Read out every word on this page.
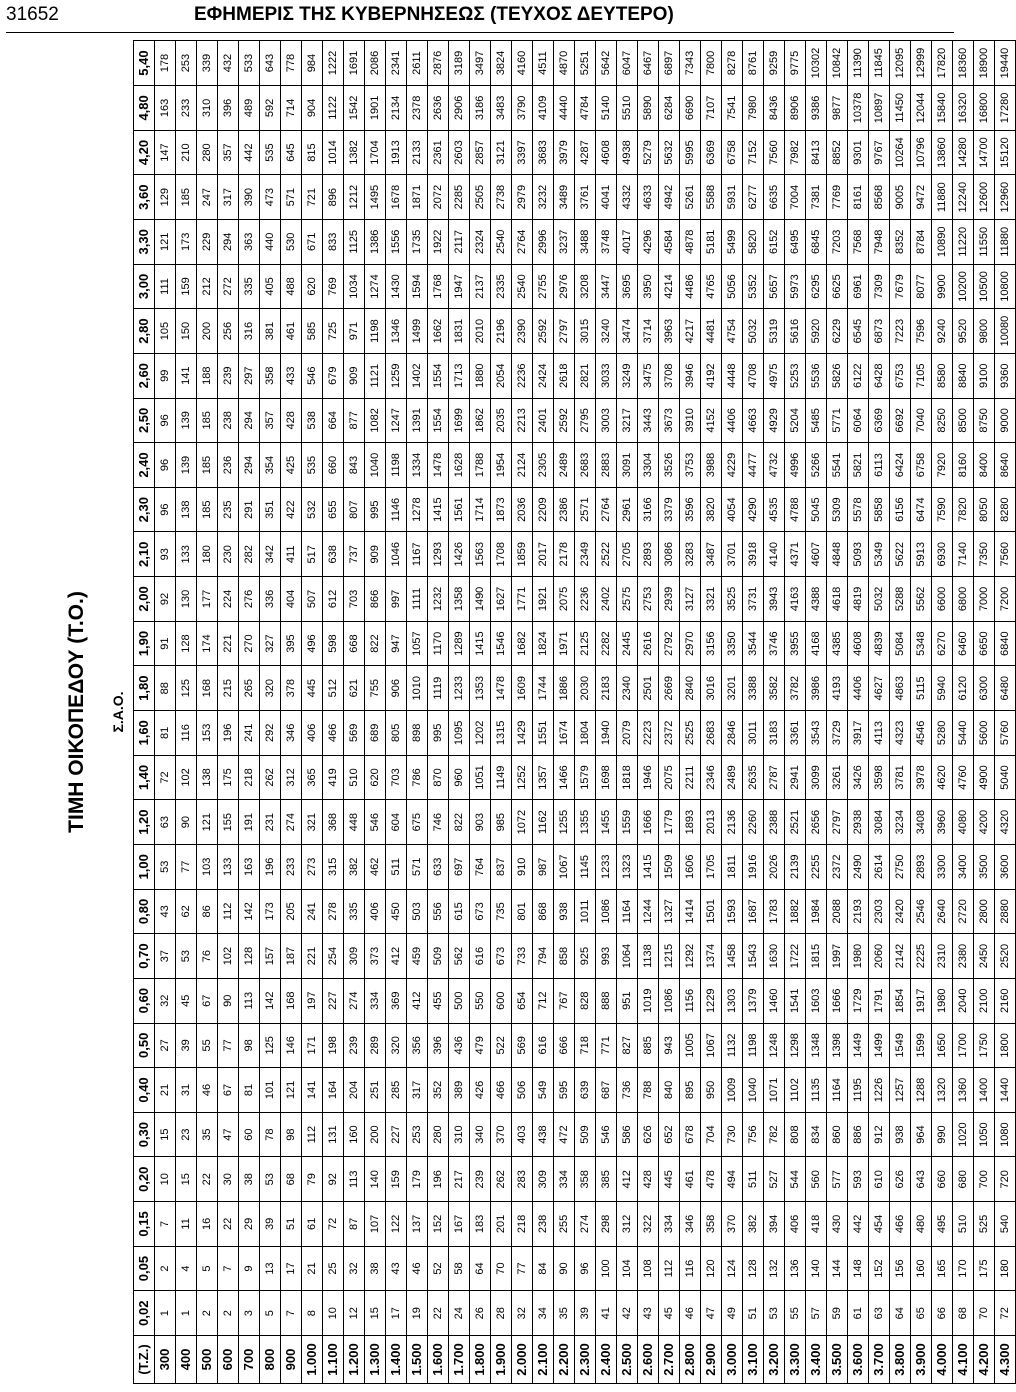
31652	ΕΦΗΜΕΡΙΣ ΤΗΣ ΚΥΒΕΡΝΗΣΕΩΣ (ΤΕΥΧΟΣ ΔΕΥΤΕΡΟ)
ΤΙΜΗ ΟΙΚΟΠΕΔΟΥ (Τ.Ο.)	Σ.Α.Ο.
(Τ.Ζ.)	0,02	0,05	0,15	0,20	0,30	0,40	0,50	0,60	0,70	0,80	1,00	1,20	1,40	1,60	1,80	1,90	2,00	2,10	2,30	2,40	2,50	2,60	2,80	3,00	3,30	3,60	4,20	4,80	5,40
300	1	2	7	10	15	21	27	32	37	43	53	63	72	81	88	91	92	93	96	96	96	99	105	111	121	129	147	163	178
400	1	4	11	15	23	31	39	45	53	62	77	90	102	116	125	128	130	133	138	139	139	141	150	159	173	185	210	233	253
500	2	5	16	22	35	46	55	67	76	86	103	121	138	153	168	174	177	180	185	185	185	188	200	212	229	247	280	310	339
600	2	7	22	30	47	67	77	90	102	112	133	155	175	196	215	221	224	230	235	236	238	239	256	272	294	317	357	396	432
700	3	9	29	38	60	81	98	113	128	142	163	191	218	241	265	270	276	282	291	294	294	297	316	335	363	390	442	489	533
800	5	13	39	53	78	101	125	142	157	173	196	231	262	292	320	327	336	342	351	354	357	358	381	405	440	473	535	592	643
900	7	17	51	68	98	121	146	168	187	205	233	274	312	346	378	395	404	411	422	425	428	433	461	488	530	571	645	714	778
1.000	8	21	61	79	112	141	171	197	221	241	273	321	365	406	445	496	507	517	532	535	538	546	585	620	671	721	815	904	984
1.100	10	25	72	92	131	164	198	227	254	278	315	368	419	466	512	598	612	638	655	660	664	679	725	769	833	896	1014	1122	1222
1.200	12	32	87	113	160	204	239	274	309	335	382	448	510	569	621	668	703	737	807	843	877	909	971	1034	1125	1212	1382	1542	1691
1.300	15	38	107	140	200	251	289	334	373	406	462	546	620	689	755	822	866	909	995	1040	1082	1121	1198	1274	1386	1495	1704	1901	2086
1.400	17	43	122	159	227	285	320	369	412	450	511	604	703	805	906	947	997	1046	1146	1198	1247	1259	1346	1430	1556	1678	1913	2134	2341
1.500	19	46	137	179	253	317	356	412	459	503	571	675	786	898	1010	1057	1111	1167	1278	1334	1391	1402	1499	1594	1735	1871	2133	2378	2611
1.600	22	52	152	196	280	352	396	455	509	556	633	746	870	995	1119	1170	1232	1293	1415	1478	1554	1554	1662	1768	1922	2072	2361	2636	2876
1.700	24	58	167	217	310	389	436	500	562	615	697	822	960	1095	1233	1289	1358	1426	1561	1628	1699	1713	1831	1947	2117	2285	2603	2906	3189
1.800	26	64	183	239	340	426	479	550	616	673	764	903	1051	1202	1353	1415	1490	1563	1714	1788	1862	1880	2010	2137	2324	2505	2857	3186	3497
1.900	28	70	201	262	370	466	522	600	673	735	837	985	1149	1315	1478	1546	1627	1708	1873	1954	2035	2054	2196	2335	2540	2738	3121	3483	3824
2.000	32	77	218	283	403	506	569	654	733	801	910	1072	1252	1429	1609	1682	1771	1859	2036	2124	2213	2236	2390	2540	2764	2979	3397	3790	4160
2.100	34	84	238	309	438	549	616	712	794	868	987	1162	1357	1551	1744	1824	1921	2017	2209	2305	2401	2424	2592	2755	2996	3232	3683	4109	4511
2.200	35	90	255	334	472	595	666	767	858	938	1067	1255	1466	1674	1886	1971	2075	2178	2386	2489	2592	2618	2797	2976	3237	3489	3979	4440	4870
2.300	39	96	274	358	509	639	718	828	925	1011	1145	1355	1579	1804	2030	2125	2236	2349	2571	2683	2795	2821	3015	3208	3488	3761	4287	4784	5251
2.400	41	100	298	385	546	687	771	888	993	1086	1233	1455	1698	1940	2183	2282	2402	2522	2764	2883	3003	3033	3240	3447	3748	4041	4608	5140	5642
2.500	42	104	312	412	586	736	827	951	1064	1164	1323	1559	1818	2079	2340	2445	2575	2705	2961	3091	3217	3249	3474	3695	4017	4332	4938	5510	6047
2.600	43	108	322	428	626	788	885	1019	1138	1244	1415	1666	1946	2223	2501	2616	2753	2893	3166	3304	3443	3475	3714	3950	4296	4633	5279	5890	6467
2.700	45	112	334	445	652	840	943	1086	1215	1327	1509	1779	2075	2372	2669	2792	2939	3086	3379	3526	3673	3708	3963	4214	4584	4942	5632	6284	6897
2.800	46	116	346	461	678	895	1005	1156	1292	1414	1606	1893	2211	2525	2840	2970	3127	3283	3596	3753	3910	3946	4217	4486	4878	5261	5995	6690	7343
2.900	47	120	358	478	704	950	1067	1229	1374	1501	1705	2013	2346	2683	3016	3156	3321	3487	3820	3988	4152	4192	4481	4765	5181	5588	6369	7107	7800
3.000	49	124	370	494	730	1009	1132	1303	1458	1593	1811	2136	2489	2846	3201	3350	3525	3701	4054	4229	4406	4448	4754	5056	5499	5931	6758	7541	8278
3.100	51	128	382	511	756	1040	1198	1379	1543	1687	1916	2260	2635	3011	3388	3544	3731	3918	4290	4477	4663	4708	5032	5352	5820	6277	7152	7980	8761
3.200	53	132	394	527	782	1071	1248	1460	1630	1783	2026	2388	2787	3183	3582	3746	3943	4140	4535	4732	4929	4975	5319	5657	6152	6635	7560	8436	9259
3.300	55	136	406	544	808	1102	1298	1541	1722	1882	2139	2521	2941	3361	3782	3955	4163	4371	4788	4996	5204	5253	5616	5973	6495	7004	7982	8906	9775
3.400	57	140	418	560	834	1135	1348	1603	1815	1984	2255	2656	3099	3543	3986	4168	4388	4607	5045	5266	5485	5536	5920	6295	6845	7381	8413	9386	10302
3.500	59	144	430	577	860	1164	1398	1666	1997	2088	2372	2797	3261	3729	4193	4385	4618	4848	5309	5541	5771	5826	6229	6625	7203	7769	8852	9877	10842
3.600	61	148	442	593	886	1195	1449	1729	1980	2193	2490	2938	3426	3917	4406	4608	4819	5093	5578	5821	6064	6122	6545	6961	7568	8161	9301	10378	11390
3.700	63	152	454	610	912	1226	1499	1791	2060	2303	2614	3084	3598	4113	4627	4839	5032	5349	5858	6113	6369	6428	6873	7309	7948	8568	9767	10897	11845
3.800	64	156	466	626	938	1257	1549	1854	2142	2420	2750	3234	3781	4323	4863	5084	5288	5622	6156	6424	6692	6753	7223	7679	8352	9005	10264	11450	12095
3.900	65	160	480	643	964	1288	1599	1917	2225	2546	2893	3408	3978	4546	5115	5348	5562	5913	6474	6758	7040	7105	7596	8077	8784	9472	10796	12044	12999
4.000	66	165	495	660	990	1320	1650	1980	2310	2640	3300	3960	4620	5280	5940	6270	6600	6930	7590	7920	8250	8580	9240	9900	10890	11880	13860	15840	17820
4.100	68	170	510	680	1020	1360	1700	2040	2380	2720	3400	4080	4760	5440	6120	6460	6800	7140	7820	8160	8500	8840	9520	10200	11220	12240	14280	16320	18360
4.200	70	175	525	700	1050	1400	1750	2100	2450	2800	3500	4200	4900	5600	6300	6650	7000	7350	8050	8400	8750	9100	9800	10500	11550	12600	14700	16800	18900
4.300	72	180	540	720	1080	1440	1800	2160	2520	2880	3600	4320	5040	5760	6480	6840	7200	7560	8280	8640	9000	9360	10080	10800	11880	12960	15120	17280	19440
